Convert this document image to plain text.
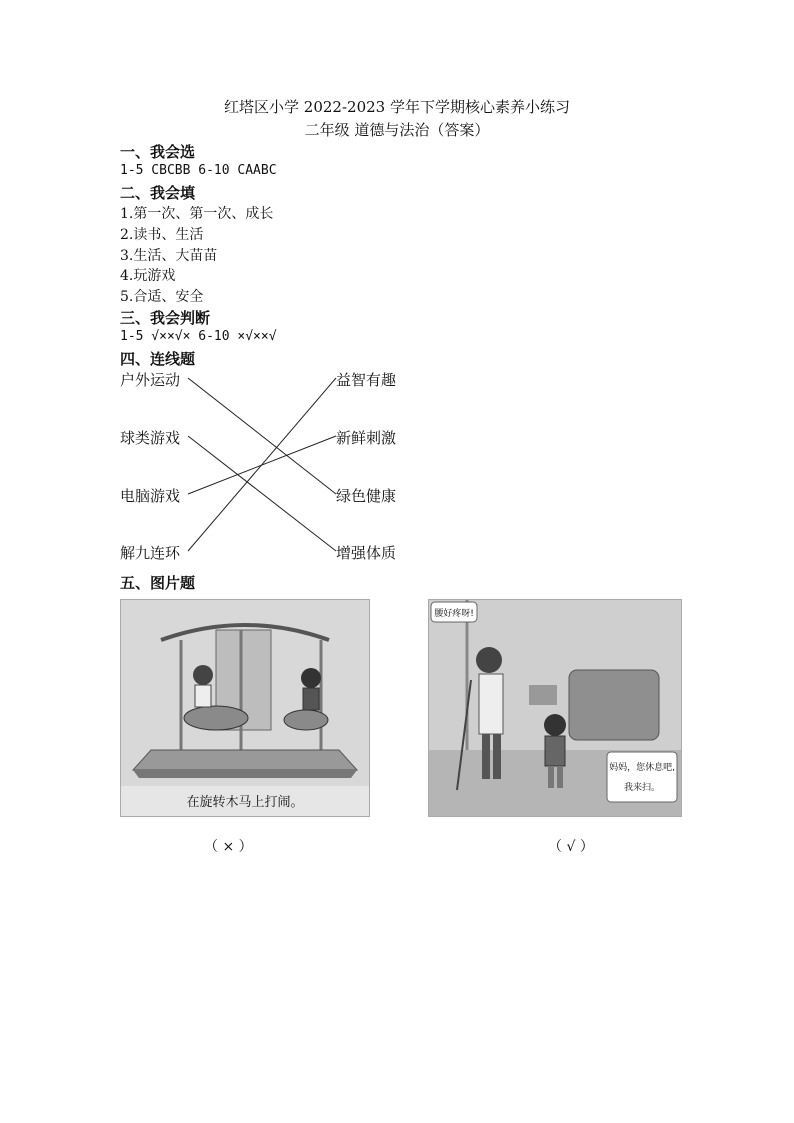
红塔区小学 2022-2023 学年下学期核心素养小练习
二年级 道德与法治（答案）
一、我会选
1-5 CBCBB 6-10 CAABC
二、我会填
1.第一次、第一次、成长
2.读书、生活
3.生活、大苗苗
4.玩游戏
5.合适、安全
三、我会判断
1-5 √××√× 6-10 ×√××√
四、连线题
户外运动
球类游戏
电脑游戏
解九连环
益智有趣
新鲜刺激
绿色健康
增强体质
五、图片题
在旋转木马上打闹。
（ × ）
腰好疼呀!
妈妈，您休息吧,
我来扫。
（ √ ）
